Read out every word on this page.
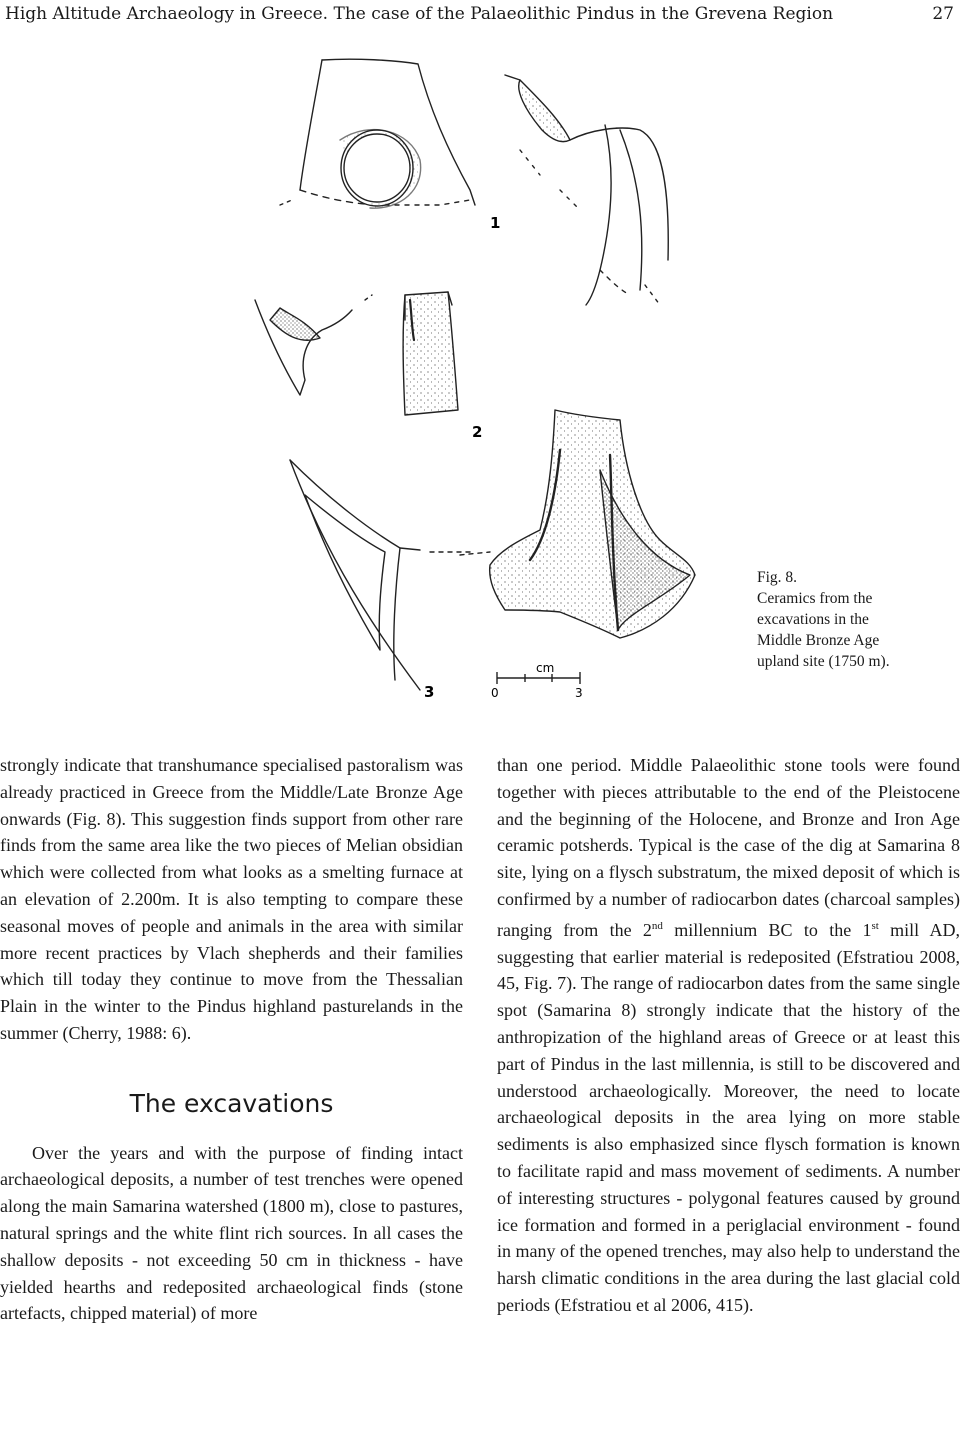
High Altitude Archaeology in Greece. The case of the Palaeolithic Pindus in the Grevena Region	27
1
2
3
cm
0	3
Fig. 8.
Ceramics from the
excavations in the
Middle Bronze Age
upland site (1750 m).

strongly indicate that transhumance specialised pastoralism was already practiced in Greece from the Middle/Late Bronze Age onwards (Fig. 8). This suggestion finds support from other rare finds from the same area like the two pieces of Melian obsidian which were collected from what looks as a smelting furnace at an elevation of 2.200m. It is also tempting to compare these seasonal moves of people and animals in the area with similar more recent practices by Vlach shepherds and their families which till today they continue to move from the Thessalian Plain in the winter to the Pindus highland pasturelands in the summer (Cherry, 1988: 6).

The excavations

Over the years and with the purpose of finding intact archaeological deposits, a number of test trenches were opened along the main Samarina watershed (1800 m), close to pastures, natural springs and the white flint rich sources. In all cases the shallow deposits - not exceeding 50 cm in thickness - have yielded hearths and redeposited archaeological finds (stone artefacts, chipped material) of more

than one period. Middle Palaeolithic stone tools were found together with pieces attributable to the end of the Pleistocene and the beginning of the Holocene, and Bronze and Iron Age ceramic potsherds. Typical is the case of the dig at Samarina 8 site, lying on a flysch substratum, the mixed deposit of which is confirmed by a number of radiocarbon dates (charcoal samples) ranging from the 2nd millennium BC to the 1st mill AD, suggesting that earlier material is redeposited (Efstratiou 2008, 45, Fig. 7). The range of radiocarbon dates from the same single spot (Samarina 8) strongly indicate that the history of the anthropization of the highland areas of Greece or at least this part of Pindus in the last millennia, is still to be discovered and understood archaeologically. Moreover, the need to locate archaeological deposits in the area lying on more stable sediments is also emphasized since flysch formation is known to facilitate rapid and mass movement of sediments. A number of interesting structures - polygonal features caused by ground ice formation and formed in a periglacial environment - found in many of the opened trenches, may also help to understand the harsh climatic conditions in the area during the last glacial cold periods (Efstratiou et al 2006, 415).
